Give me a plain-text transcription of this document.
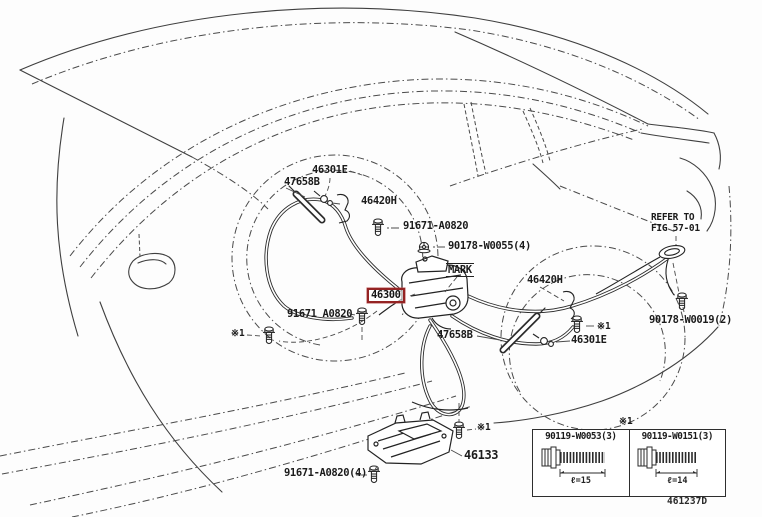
46301E
47658B
46420H
91671-A0820
90178-W0055(4)
MARK
46300
46420H
90178-W0019(2)
※1
91671 A0820
47658B
※1
46301E
※1
46133
91671-A0820(4)
REFER TO
FIG 57-01
※1
90119-W0053(3)
ℓ=15
90119-W0151(3)
ℓ=14
461237D
